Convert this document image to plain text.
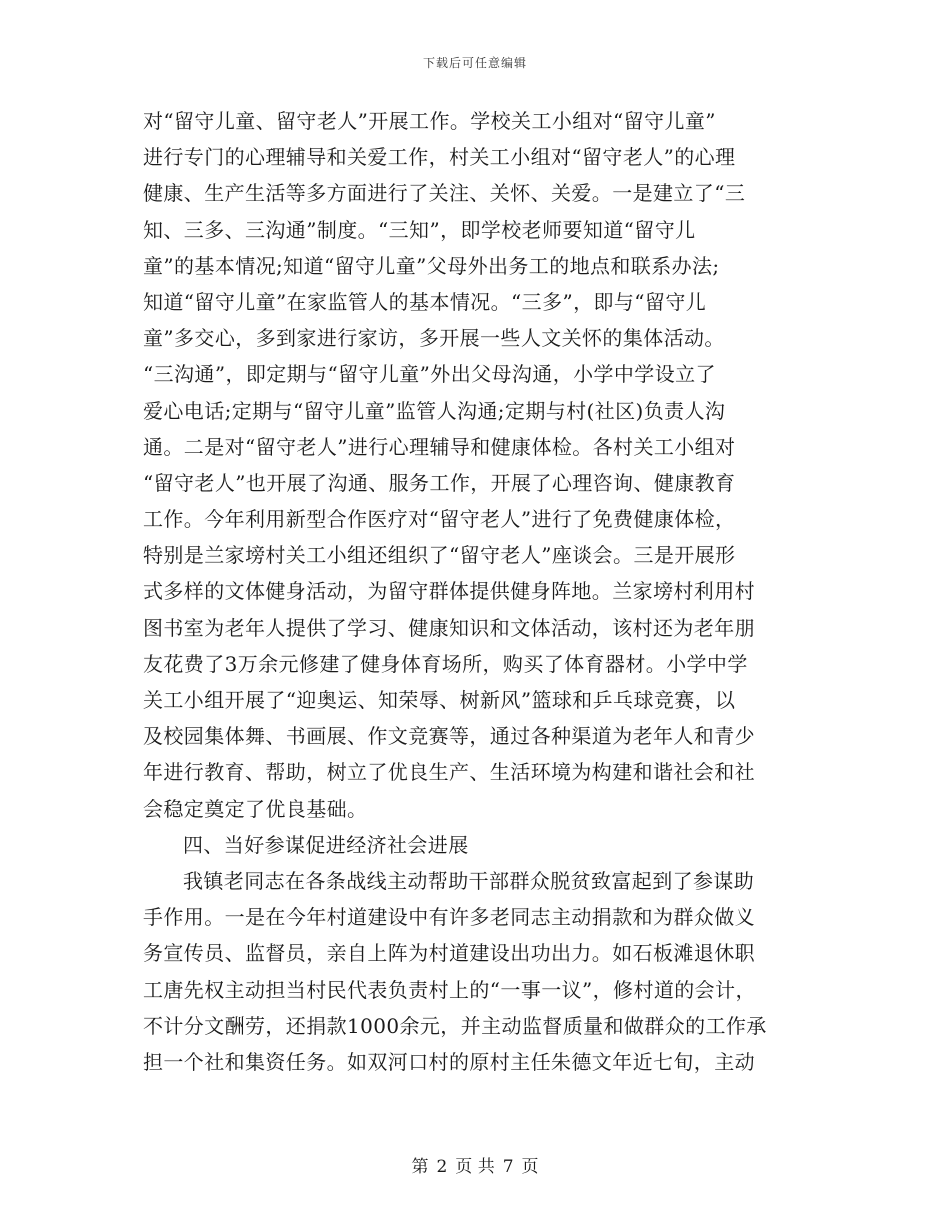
下载后可任意编辑
对“留守儿童、留守老人”开展工作。学校关工小组对“留守儿童”
进行专门的心理辅导和关爱工作，村关工小组对“留守老人”的心理
健康、生产生活等多方面进行了关注、关怀、关爱。一是建立了“三
知、三多、三沟通”制度。“三知”，即学校老师要知道“留守儿
童”的基本情况;知道“留守儿童”父母外出务工的地点和联系办法;
知道“留守儿童”在家监管人的基本情况。“三多”，即与“留守儿
童”多交心，多到家进行家访，多开展一些人文关怀的集体活动。
“三沟通”，即定期与“留守儿童”外出父母沟通，小学中学设立了
爱心电话;定期与“留守儿童”监管人沟通;定期与村(社区)负责人沟
通。二是对“留守老人”进行心理辅导和健康体检。各村关工小组对
“留守老人”也开展了沟通、服务工作，开展了心理咨询、健康教育
工作。今年利用新型合作医疗对“留守老人”进行了免费健康体检，
特别是兰家塝村关工小组还组织了“留守老人”座谈会。三是开展形
式多样的文体健身活动，为留守群体提供健身阵地。兰家塝村利用村
图书室为老年人提供了学习、健康知识和文体活动，该村还为老年朋
友花费了3万余元修建了健身体育场所，购买了体育器材。小学中学
关工小组开展了“迎奥运、知荣辱、树新风”篮球和乒乓球竞赛，以
及校园集体舞、书画展、作文竞赛等，通过各种渠道为老年人和青少
年进行教育、帮助，树立了优良生产、生活环境为构建和谐社会和社
会稳定奠定了优良基础。
四、当好参谋促进经济社会进展
我镇老同志在各条战线主动帮助干部群众脱贫致富起到了参谋助
手作用。一是在今年村道建设中有许多老同志主动捐款和为群众做义
务宣传员、监督员，亲自上阵为村道建设出功出力。如石板滩退休职
工唐先权主动担当村民代表负责村上的“一事一议”，修村道的会计，
不计分文酬劳，还捐款1000余元，并主动监督质量和做群众的工作承
担一个社和集资任务。如双河口村的原村主任朱德文年近七旬，主动
第 2 页 共 7 页
